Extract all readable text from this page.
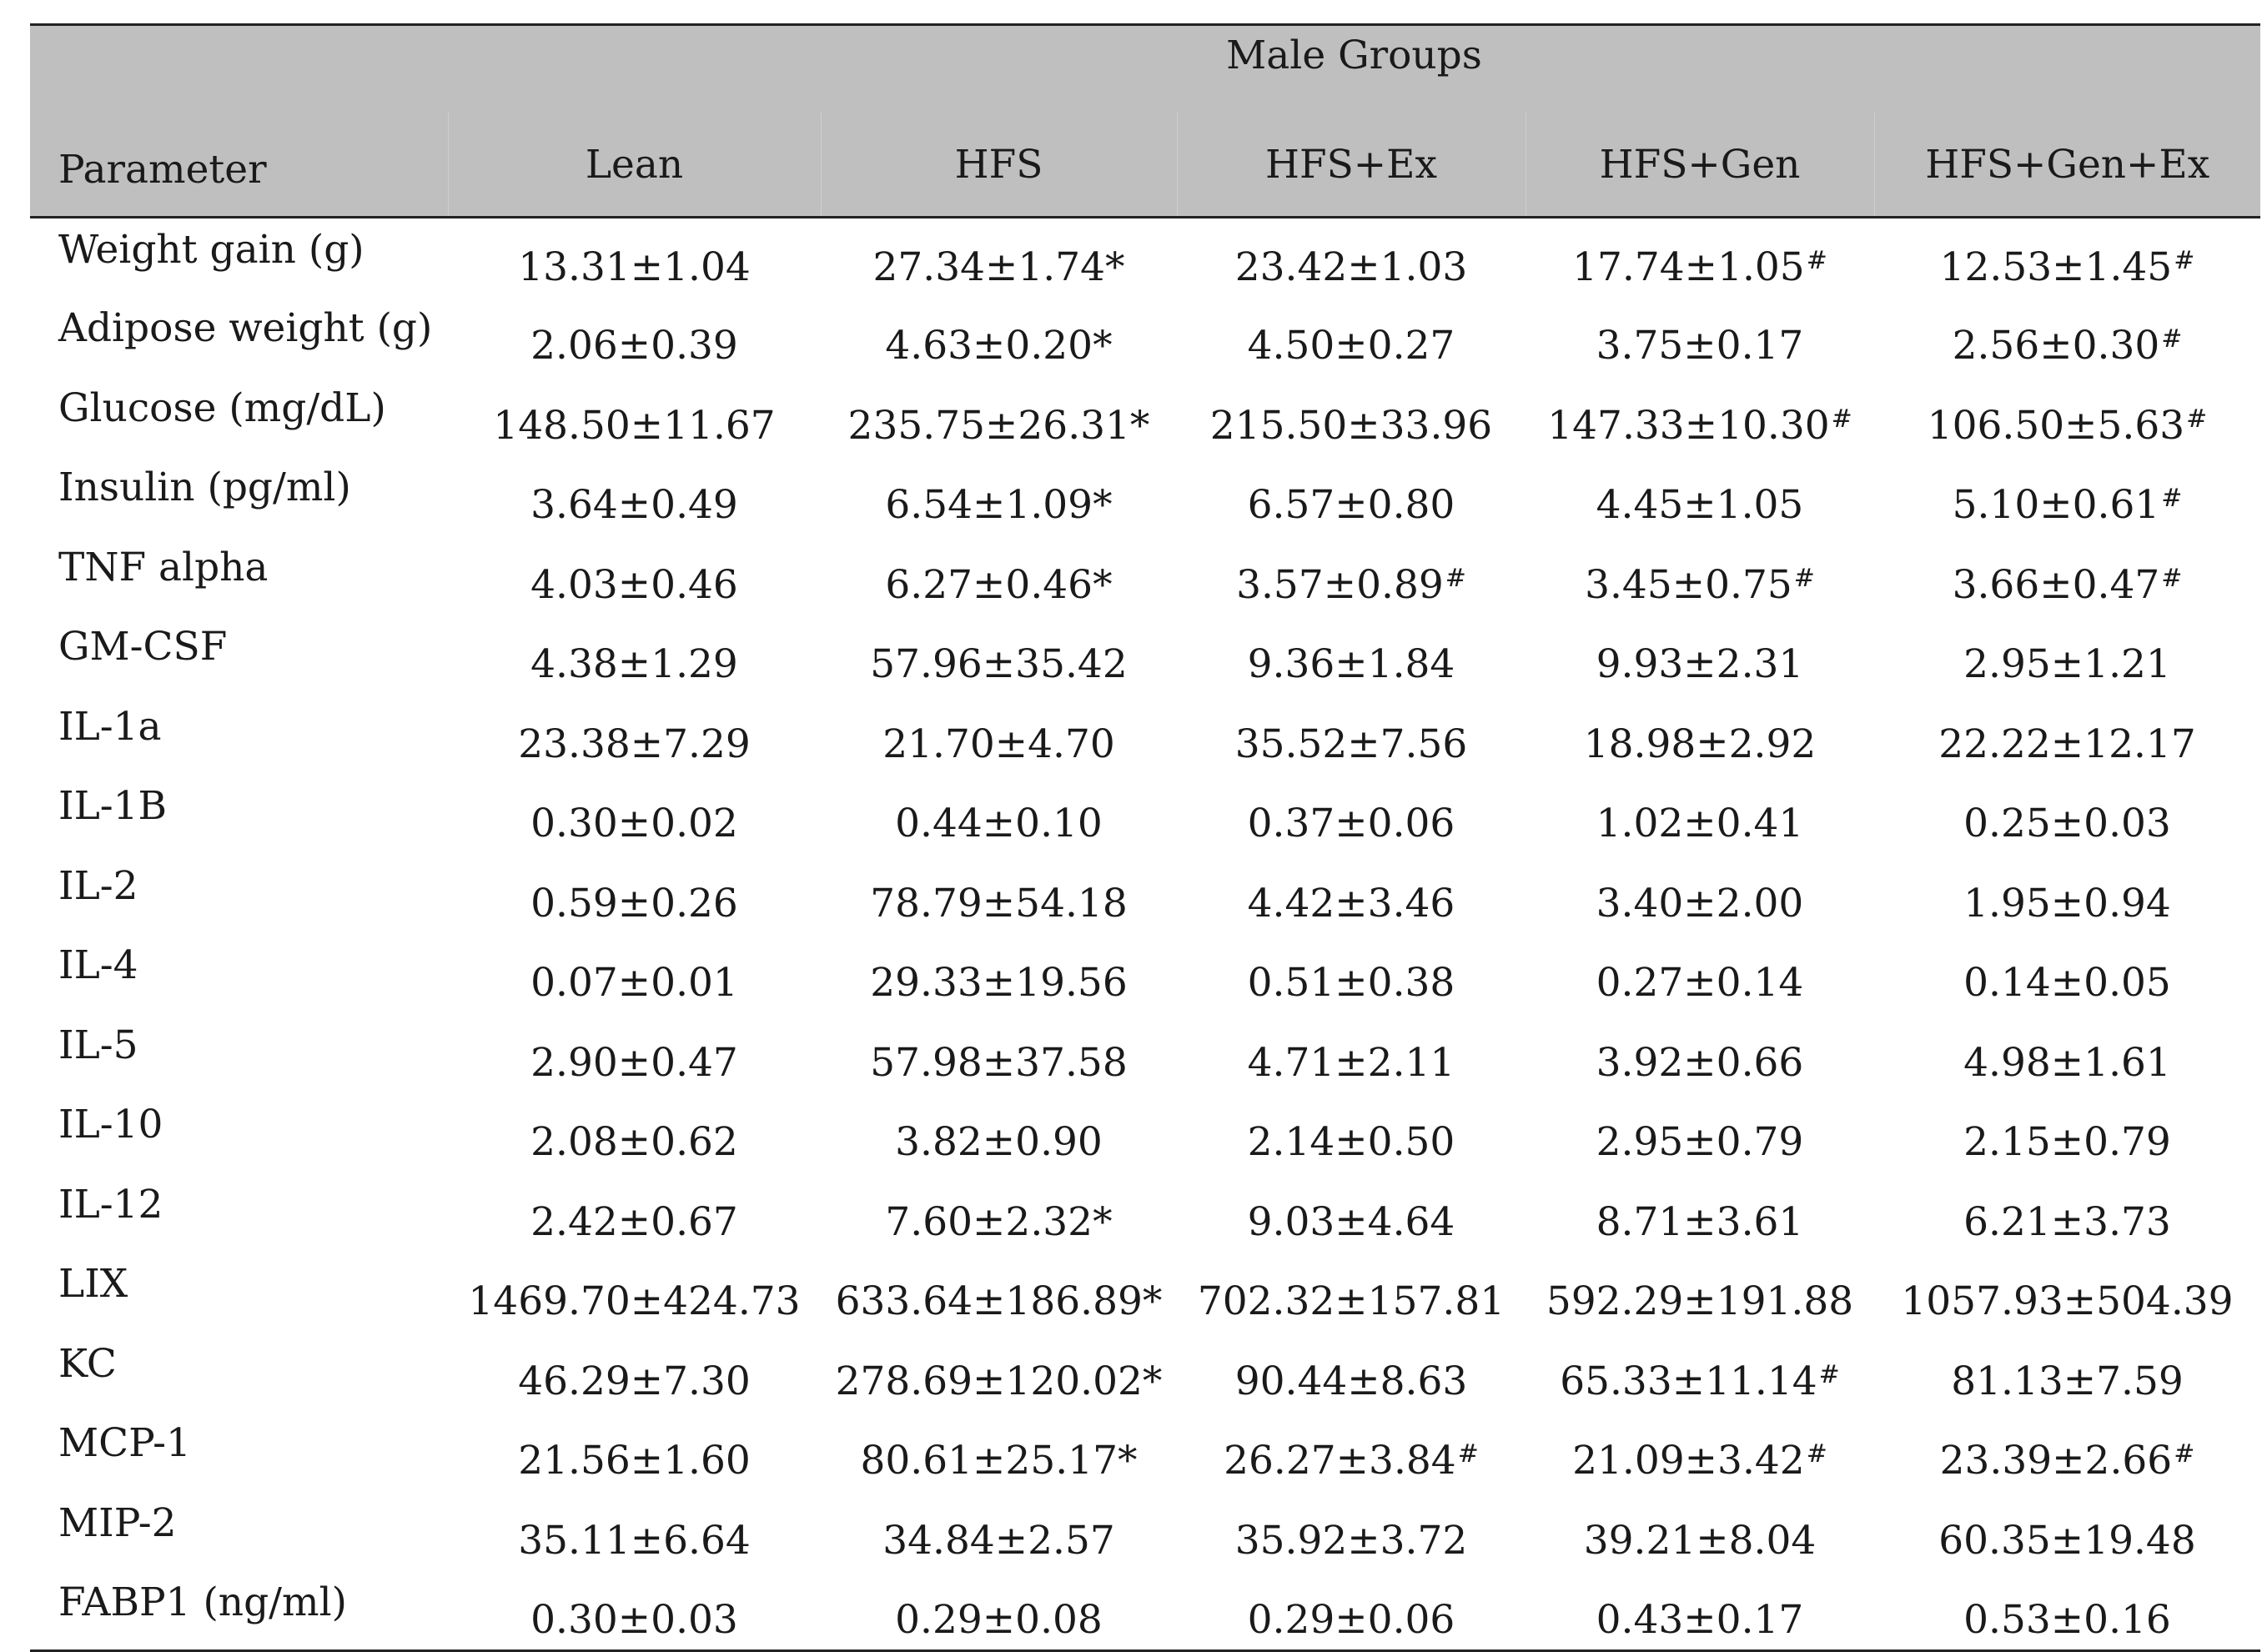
	Male Groups				
Parameter	Lean	HFS	HFS+Ex	HFS+Gen	HFS+Gen+Ex
Weight gain (g)	13.31±1.04	27.34±1.74*	23.42±1.03	17.74±1.05#	12.53±1.45#
Adipose weight (g)	2.06±0.39	4.63±0.20*	4.50±0.27	3.75±0.17	2.56±0.30#
Glucose (mg/dL)	148.50±11.67	235.75±26.31*	215.50±33.96	147.33±10.30#	106.50±5.63#
Insulin (pg/ml)	3.64±0.49	6.54±1.09*	6.57±0.80	4.45±1.05	5.10±0.61#
TNF alpha	4.03±0.46	6.27±0.46*	3.57±0.89#	3.45±0.75#	3.66±0.47#
GM-CSF	4.38±1.29	57.96±35.42	9.36±1.84	9.93±2.31	2.95±1.21
IL-1a	23.38±7.29	21.70±4.70	35.52±7.56	18.98±2.92	22.22±12.17
IL-1B	0.30±0.02	0.44±0.10	0.37±0.06	1.02±0.41	0.25±0.03
IL-2	0.59±0.26	78.79±54.18	4.42±3.46	3.40±2.00	1.95±0.94
IL-4	0.07±0.01	29.33±19.56	0.51±0.38	0.27±0.14	0.14±0.05
IL-5	2.90±0.47	57.98±37.58	4.71±2.11	3.92±0.66	4.98±1.61
IL-10	2.08±0.62	3.82±0.90	2.14±0.50	2.95±0.79	2.15±0.79
IL-12	2.42±0.67	7.60±2.32*	9.03±4.64	8.71±3.61	6.21±3.73
LIX	1469.70±424.73	633.64±186.89*	702.32±157.81	592.29±191.88	1057.93±504.39
KC	46.29±7.30	278.69±120.02*	90.44±8.63	65.33±11.14#	81.13±7.59
MCP-1	21.56±1.60	80.61±25.17*	26.27±3.84#	21.09±3.42#	23.39±2.66#
MIP-2	35.11±6.64	34.84±2.57	35.92±3.72	39.21±8.04	60.35±19.48
FABP1 (ng/ml)	0.30±0.03	0.29±0.08	0.29±0.06	0.43±0.17	0.53±0.16
